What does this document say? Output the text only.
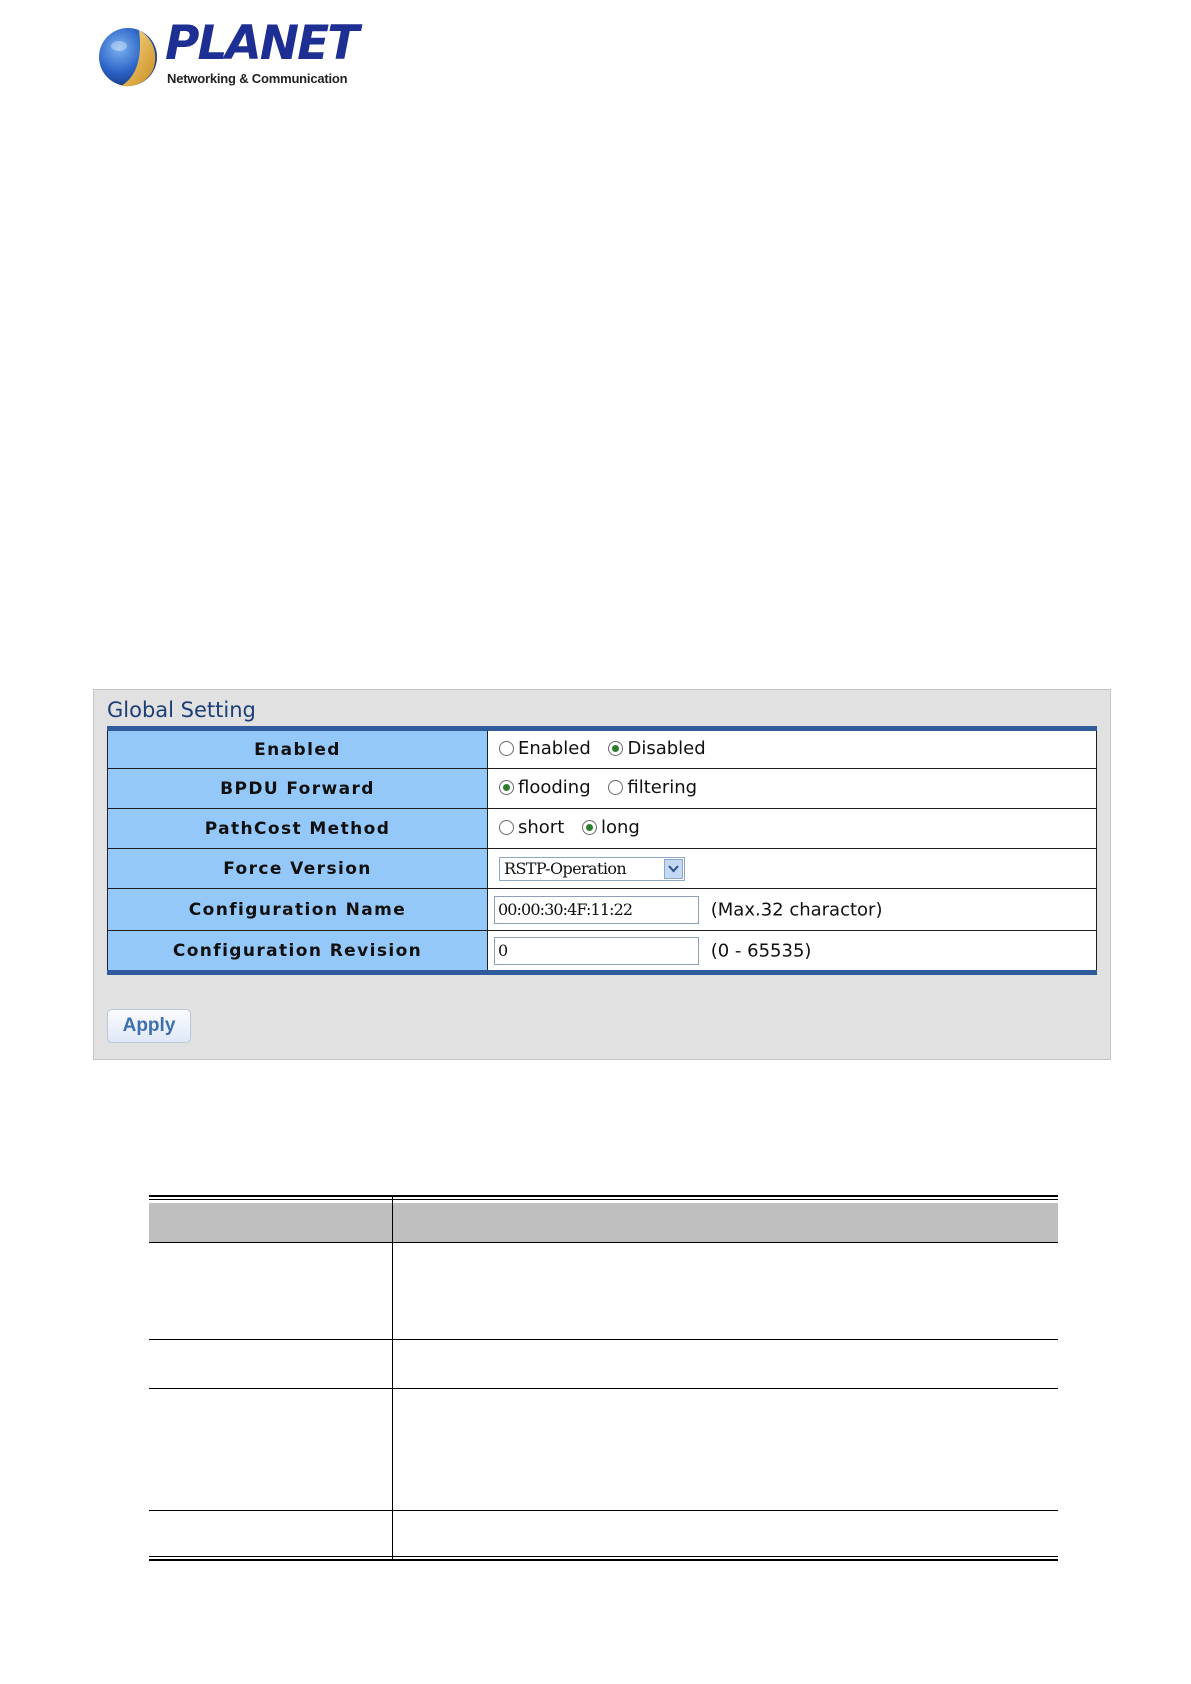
PLANET
Networking & Communication
Global Setting
Enabled	Enabled
Disabled

BPDU Forward	flooding
filtering

PathCost Method	short
long

Force Version	RSTP-Operation

Configuration Name	00:00:30:4F:11:22 (Max.32 charactor)
Configuration Revision	0 (0 - 65535)
Apply
